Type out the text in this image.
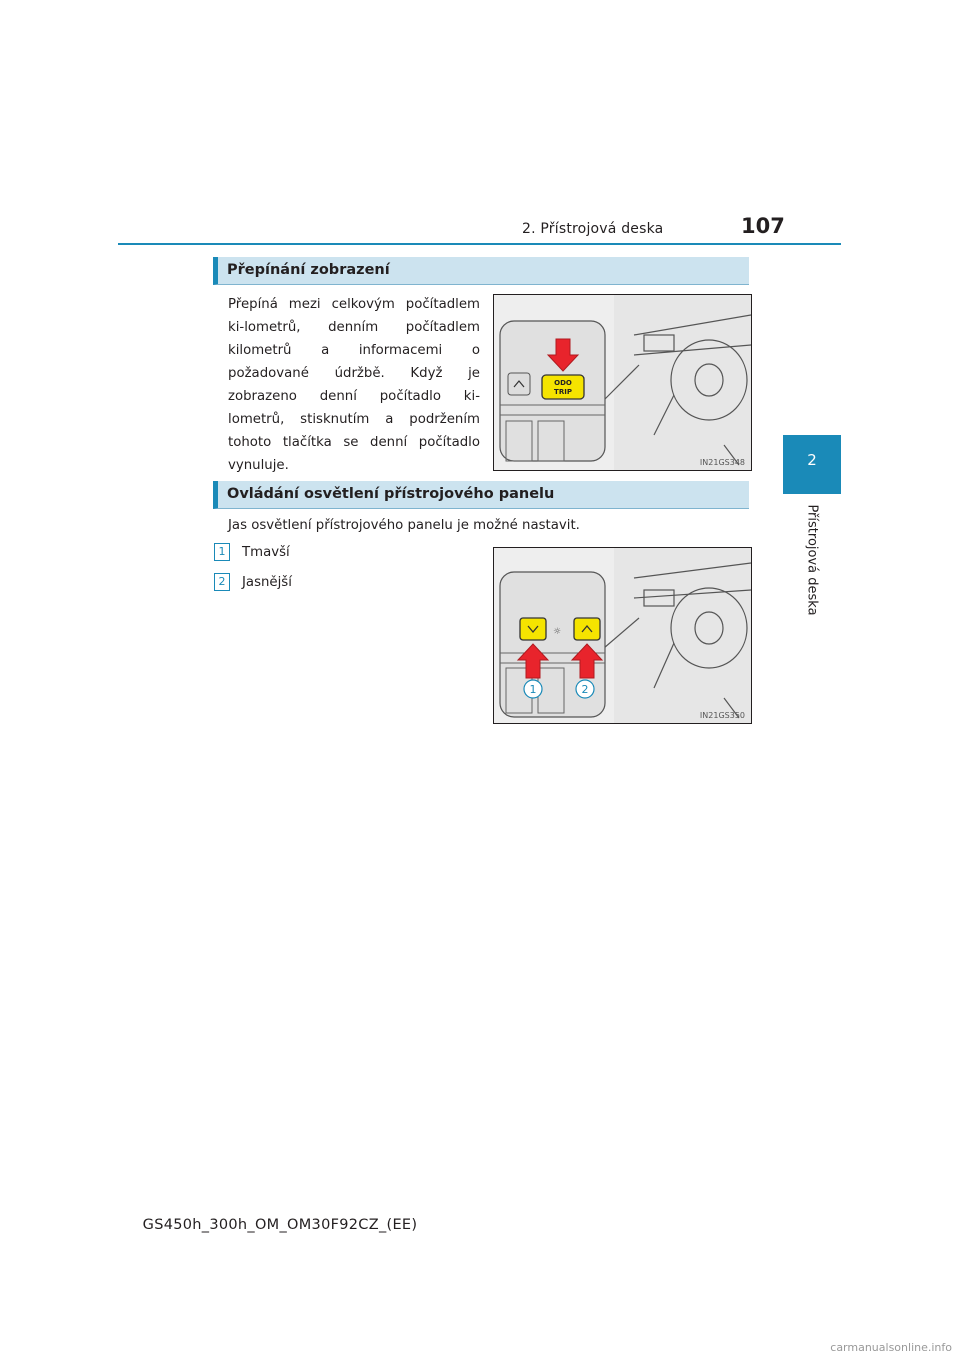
2. Přístrojová deska	107
2
Přístrojová deska
Přepínání zobrazení
Přepíná mezi celkovým počítadlem ki-lometrů, denním počítadlem kilometrů a informacemi o požadované údržbě. Když je zobrazeno denní počítadlo ki-lometrů, stisknutím a podržením tohoto tlačítka se denní počítadlo vynuluje.
ODO
TRIP
IN21GS348
Ovládání osvětlení přístrojového panelu
Jas osvětlení přístrojového panelu je možné nastavit.
1 Tmavší
2 Jasnější
☼
1	2
IN21GS350
GS450h_300h_OM_OM30F92CZ_(EE)
carmanualsonline.info
